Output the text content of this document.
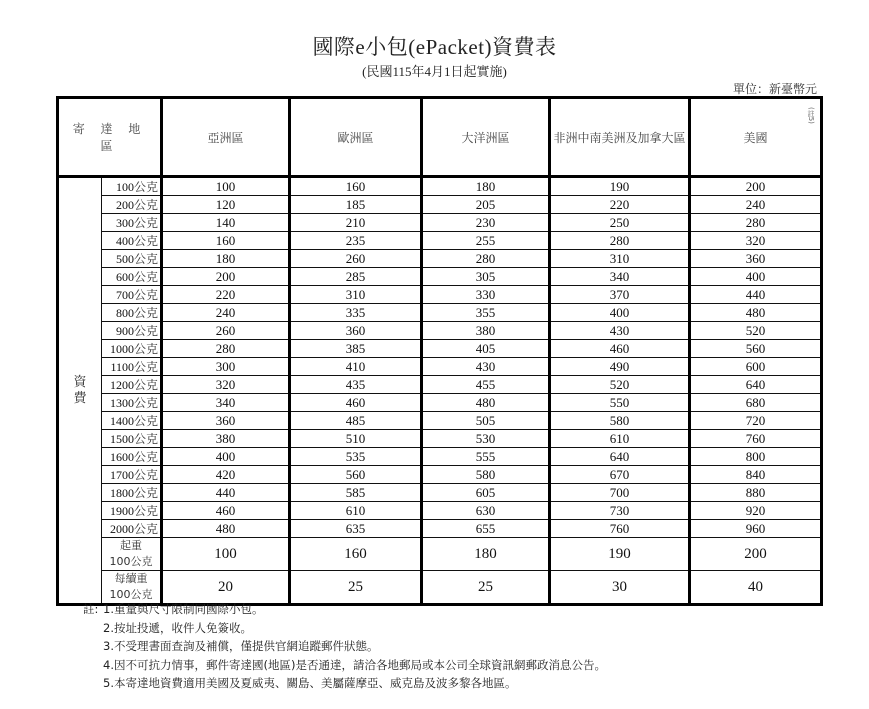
國際e小包(ePacket)資費表
(民國115年4月1日起實施)
單位：新臺幣元
寄 達 地 區		亞洲區	歐洲區	大洋洲區	非洲中南美洲及加拿大區	美國
(註5)

資
費	100公克	100	160	180	190	200
	200公克	120	185	205	220	240
	300公克	140	210	230	250	280
	400公克	160	235	255	280	320
	500公克	180	260	280	310	360
	600公克	200	285	305	340	400
	700公克	220	310	330	370	440
	800公克	240	335	355	400	480
	900公克	260	360	380	430	520
	1000公克	280	385	405	460	560
	1100公克	300	410	430	490	600
	1200公克	320	435	455	520	640
	1300公克	340	460	480	550	680
	1400公克	360	485	505	580	720
	1500公克	380	510	530	610	760
	1600公克	400	535	555	640	800
	1700公克	420	560	580	670	840
	1800公克	440	585	605	700	880
	1900公克	460	610	630	730	920
	2000公克	480	635	655	760	960

	起重
100公克	100	160	180	190	200

	每續重
100公克	20	25	25	30	40
註: 1.重量與尺寸限制同國際小包。
2.按址投遞，收件人免簽收。
3.不受理書面查詢及補償，僅提供官網追蹤郵件狀態。
4.因不可抗力情事，郵件寄達國(地區)是否通達，請洽各地郵局或本公司全球資訊網郵政消息公告。
5.本寄達地資費適用美國及夏威夷、關島、美屬薩摩亞、威克島及波多黎各地區。
